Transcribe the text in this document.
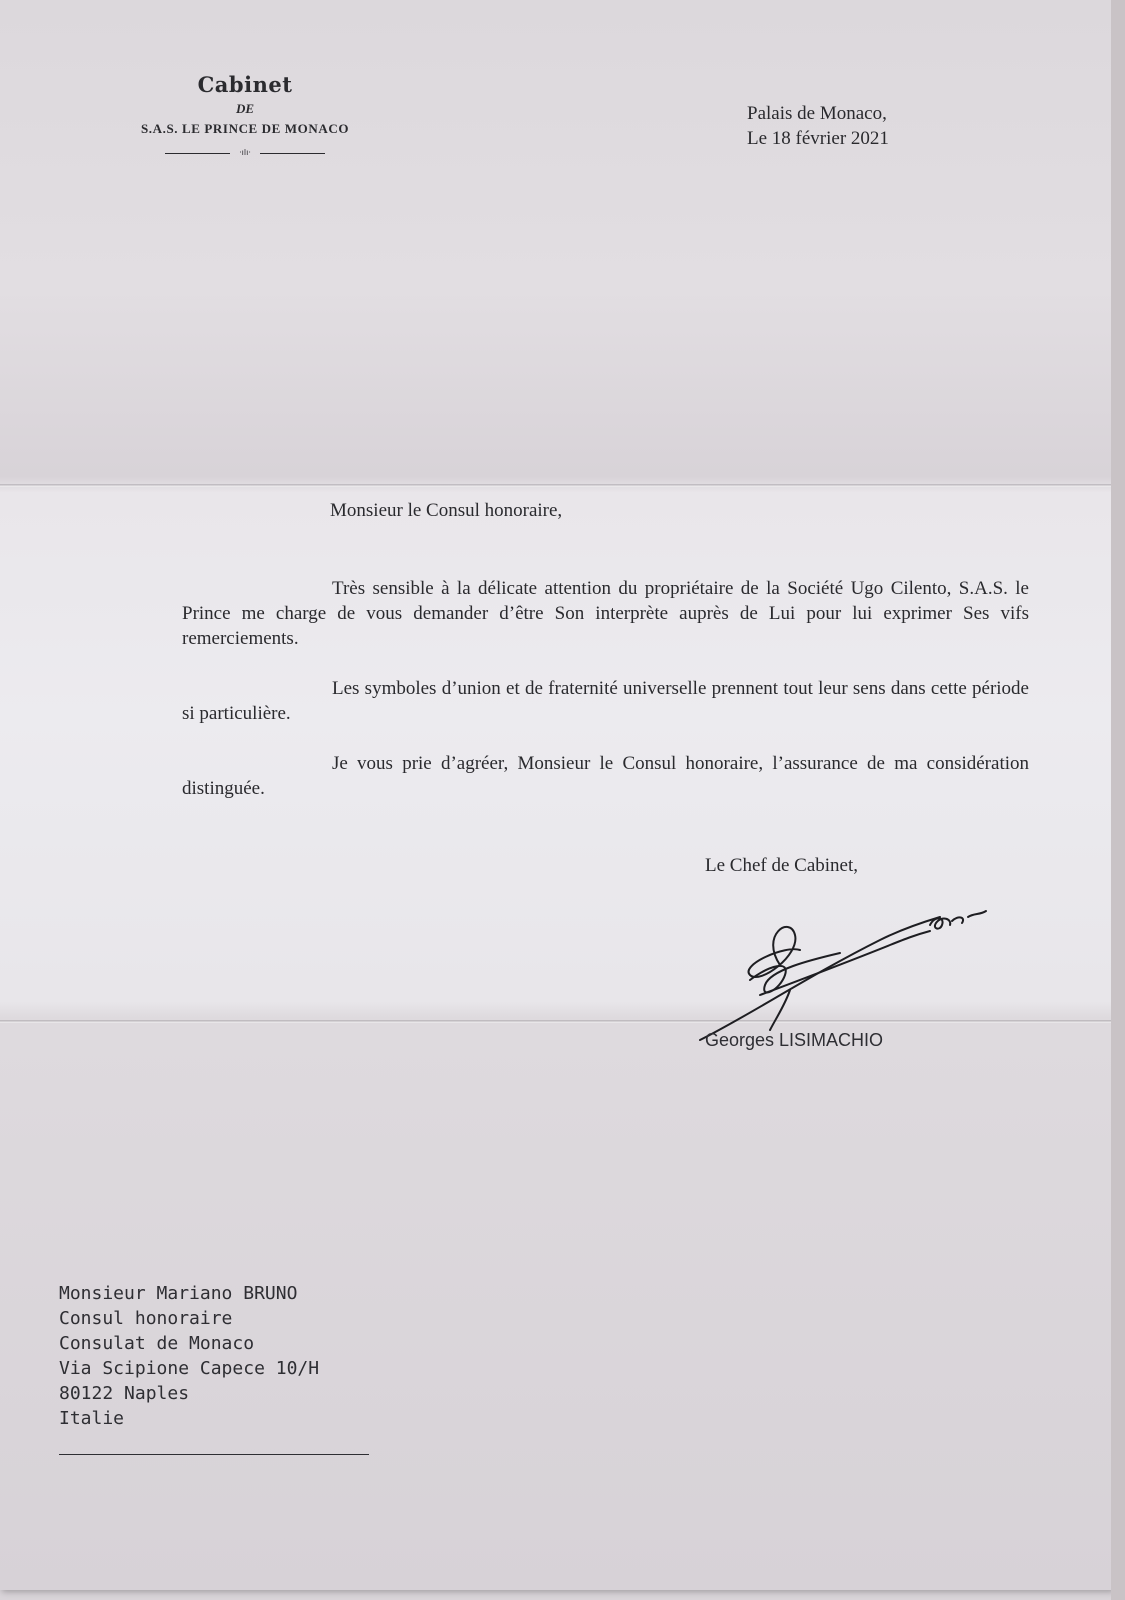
Cabinet
DE
S.A.S. LE PRINCE DE MONACO
·ılı·
Palais de Monaco,
Le 18 février 2021
Monsieur le Consul honoraire,

Très sensible à la délicate attention du propriétaire de la Société Ugo Cilento, S.A.S. le Prince me charge de vous demander d’être Son interprète auprès de Lui pour lui exprimer Ses vifs remerciements.

Les symboles d’union et de fraternité universelle prennent tout leur sens dans cette période si particulière.

Je vous prie d’agréer, Monsieur le Consul honoraire, l’assurance de ma considération distinguée.

Le Chef de Cabinet,
Georges LISIMACHIO
Monsieur Mariano BRUNO
Consul honoraire
Consulat de Monaco
Via Scipione Capece 10/H
80122 Naples
Italie
